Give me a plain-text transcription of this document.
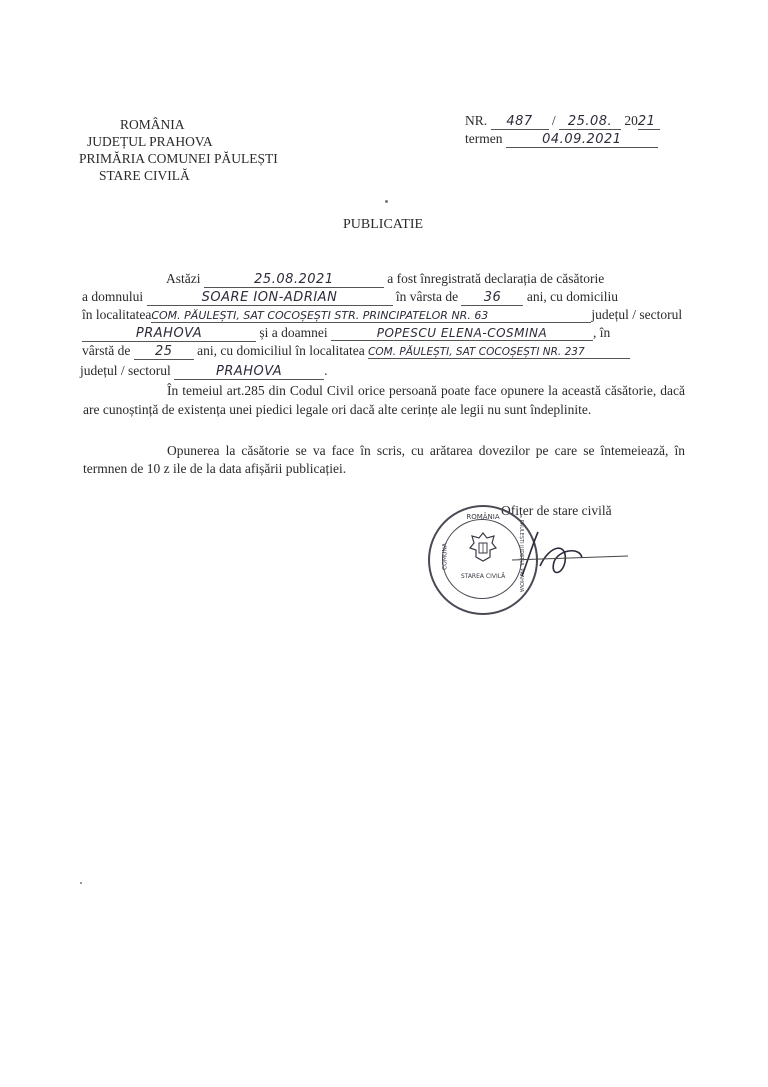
ROMÂNIA
JUDEȚUL PRAHOVA
PRIMĂRIA COMUNEI PĂULEȘTI
STARE CIVILĂ
NR. 487 / 25.08. 2021
termen	04.09.2021
PUBLICATIE
Astăzi	25.08.2021	a fost înregistrată declarația de căsătorie
a domnului	SOARE ION-ADRIAN	în vârsta de 36 ani, cu domiciliu
în localitateaCOM. PĂULEȘTI, SAT COCOȘEȘTI STR. PRINCIPATELOR NR. 63	județul / sectorul
PRAHOVA	și a doamnei	POPESCU ELENA-COSMINA	, în
vârstă de 25 ani, cu domiciliul în localitatea COM. PĂULEȘTI, SAT COCOȘEȘTI NR. 237
județul / sectorul	PRAHOVA	.
În temeiul art.285 din Codul Civil orice persoană poate face opunere la această căsătorie, dacă are cunoștință de existența unei piedici legale ori dacă alte cerințe ale legii nu sunt îndeplinite.
Opunerea la căsătorie se va face în scris, cu arătarea dovezilor pe care se întemeiează, în termnen de 10 z ile de la data afișării publicației.
Ofițer de stare civilă
ROMÂNIA
COMUNA	PĂULEȘTI JUDEȚUL PRAHOVA
STAREA CIVILĂ
